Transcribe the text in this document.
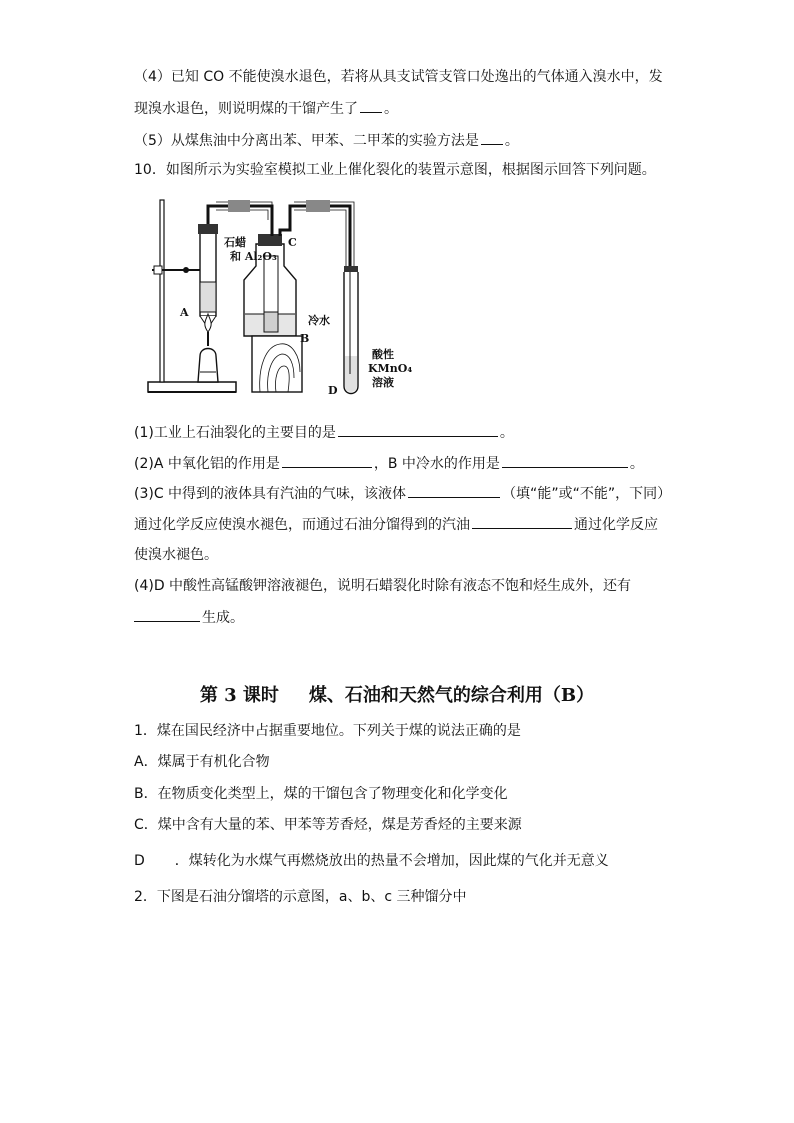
（4）已知 CO 不能使溴水退色，若将从具支试管支管口处逸出的气体通入溴水中，发
现溴水退色，则说明煤的干馏产生了 。
（5）从煤焦油中分离出苯、甲苯、二甲苯的实验方法是 。
10．如图所示为实验室模拟工业上催化裂化的装置示意图，根据图示回答下列问题。
石蜡
和 Al₂O₃
A
C
冷水
B
D
酸性
KMnO₄
溶液
(1)工业上石油裂化的主要目的是	。
(2)A 中氧化铝的作用是	，B 中冷水的作用是	。
(3)C 中得到的液体具有汽油的气味，该液体	（填“能”或“不能”，下同）
通过化学反应使溴水褪色，而通过石油分馏得到的汽油	通过化学反应
使溴水褪色。
(4)D 中酸性高锰酸钾溶液褪色，说明石蜡裂化时除有液态不饱和烃生成外，还有
生成。
第 3 课时 煤、石油和天然气的综合利用（B）
1．煤在国民经济中占据重要地位。下列关于煤的说法正确的是
A．煤属于有机化合物
B．在物质变化类型上，煤的干馏包含了物理变化和化学变化
C．煤中含有大量的苯、甲苯等芳香烃，煤是芳香烃的主要来源
D ．煤转化为水煤气再燃烧放出的热量不会增加，因此煤的气化并无意义
2．下图是石油分馏塔的示意图，a、b、c 三种馏分中
